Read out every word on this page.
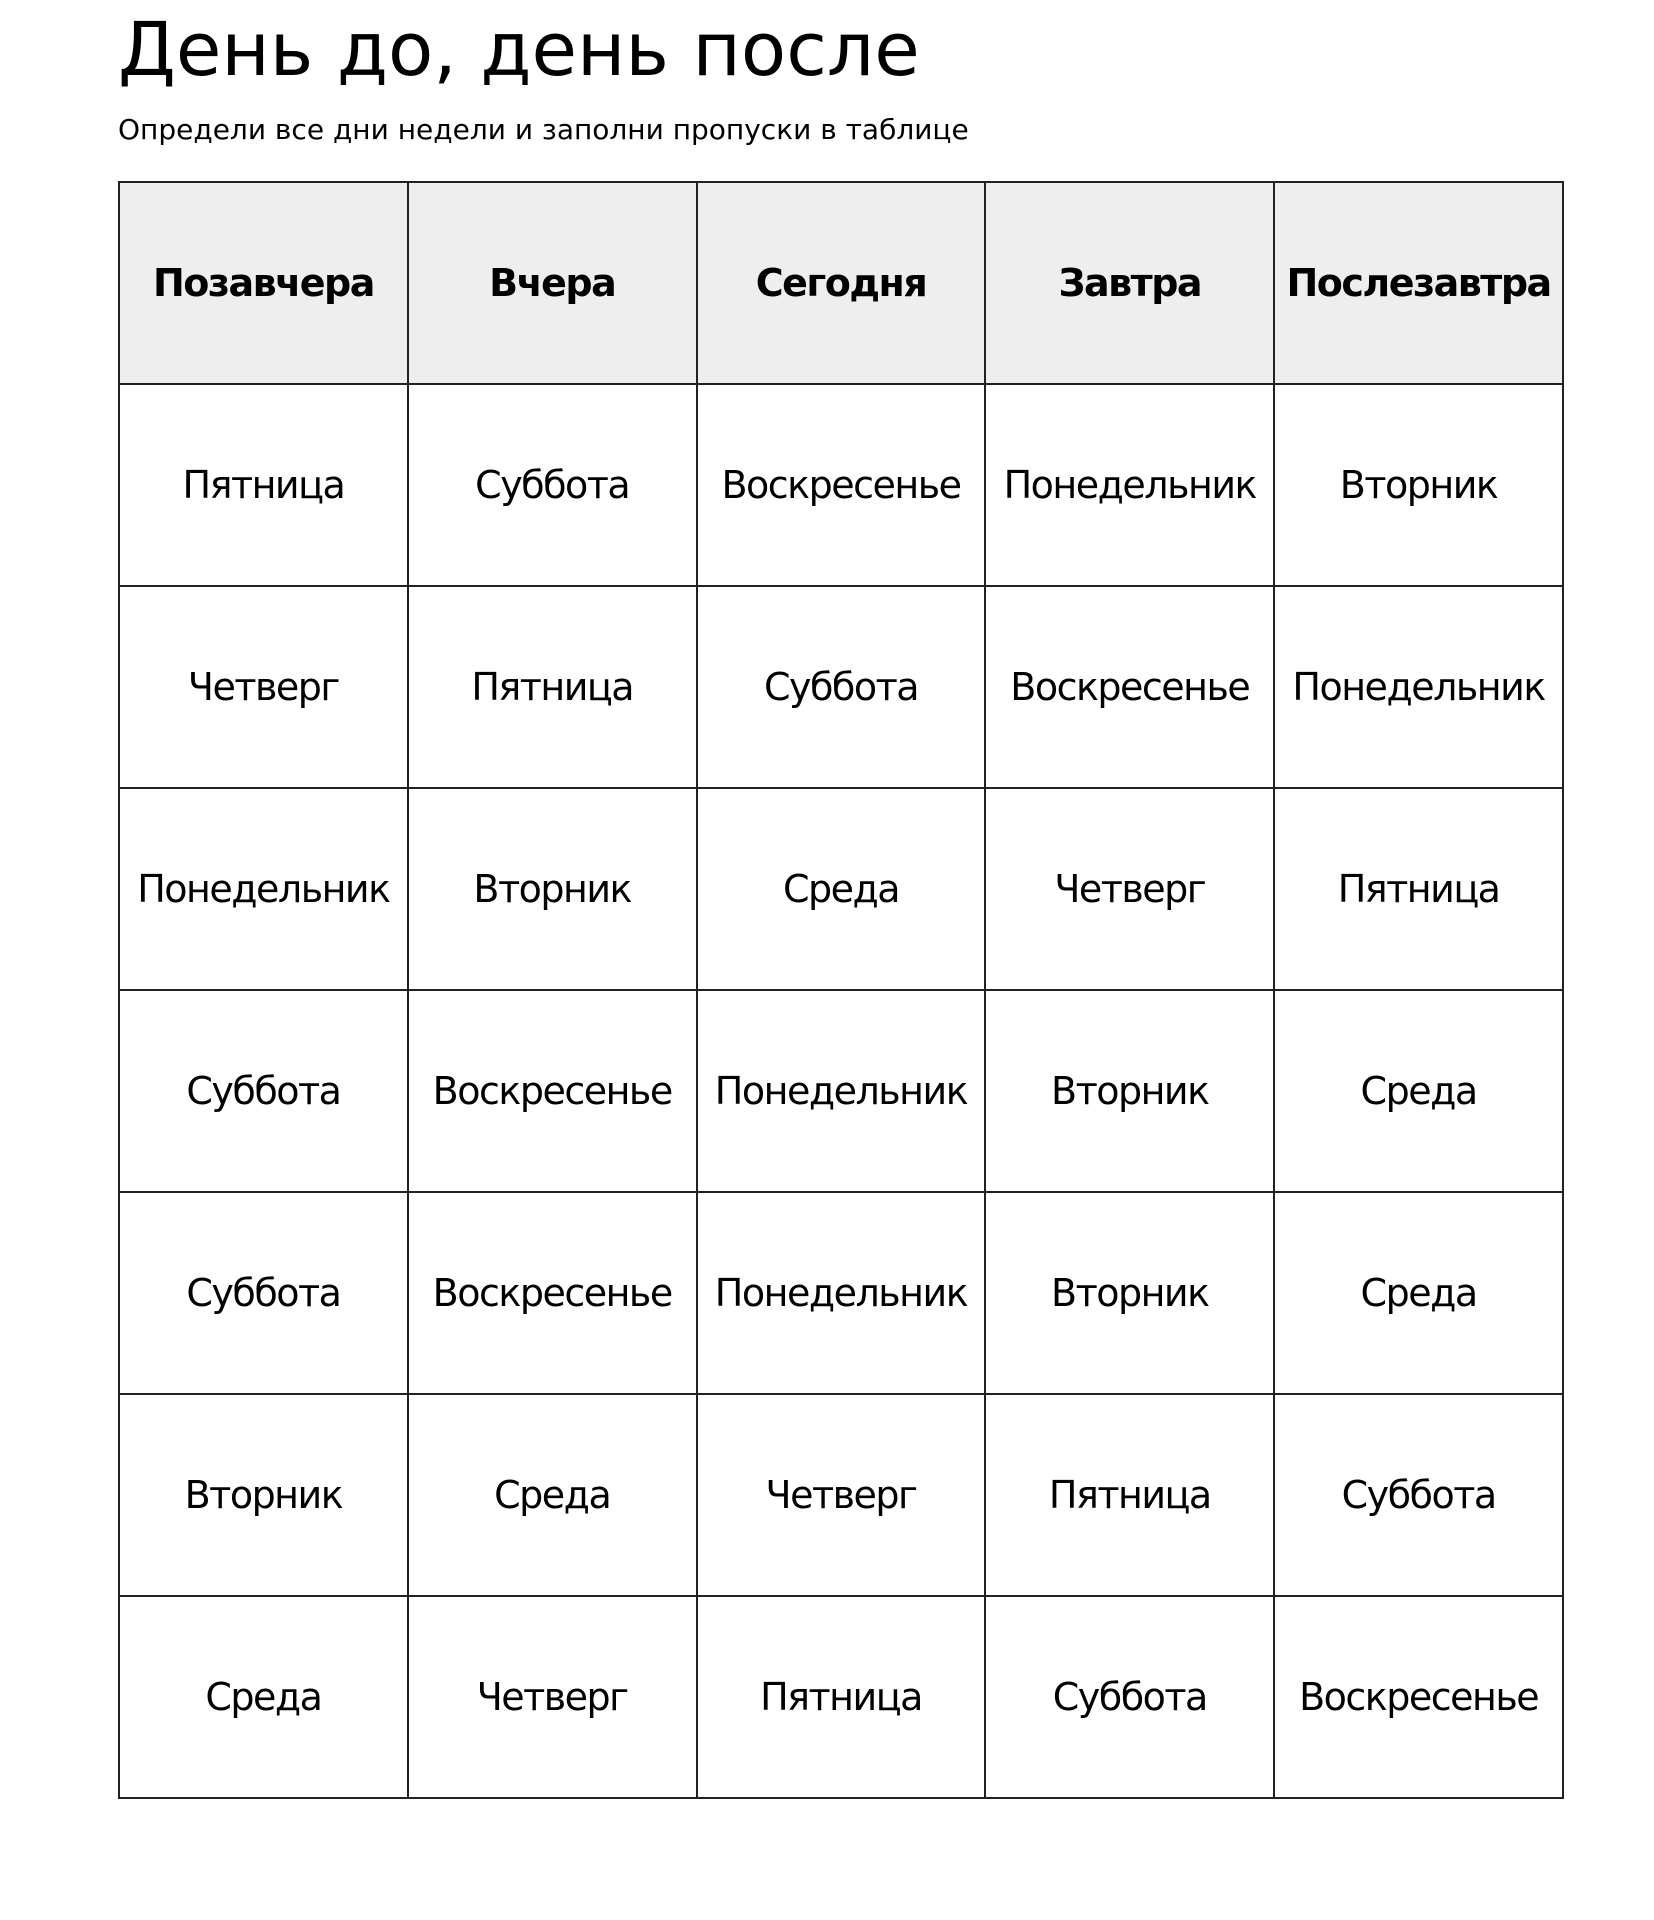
День до, день после

Определи все дни недели и заполни пропуски в таблице

Позавчера	Вчера	Сегодня	Завтра	Послезавтра
Пятница	Суббота	Воскресенье	Понедельник	Вторник
Четверг	Пятница	Суббота	Воскресенье	Понедельник
Понедельник	Вторник	Среда	Четверг	Пятница
Суббота	Воскресенье	Понедельник	Вторник	Среда
Суббота	Воскресенье	Понедельник	Вторник	Среда
Вторник	Среда	Четверг	Пятница	Суббота
Среда	Четверг	Пятница	Суббота	Воскресенье
